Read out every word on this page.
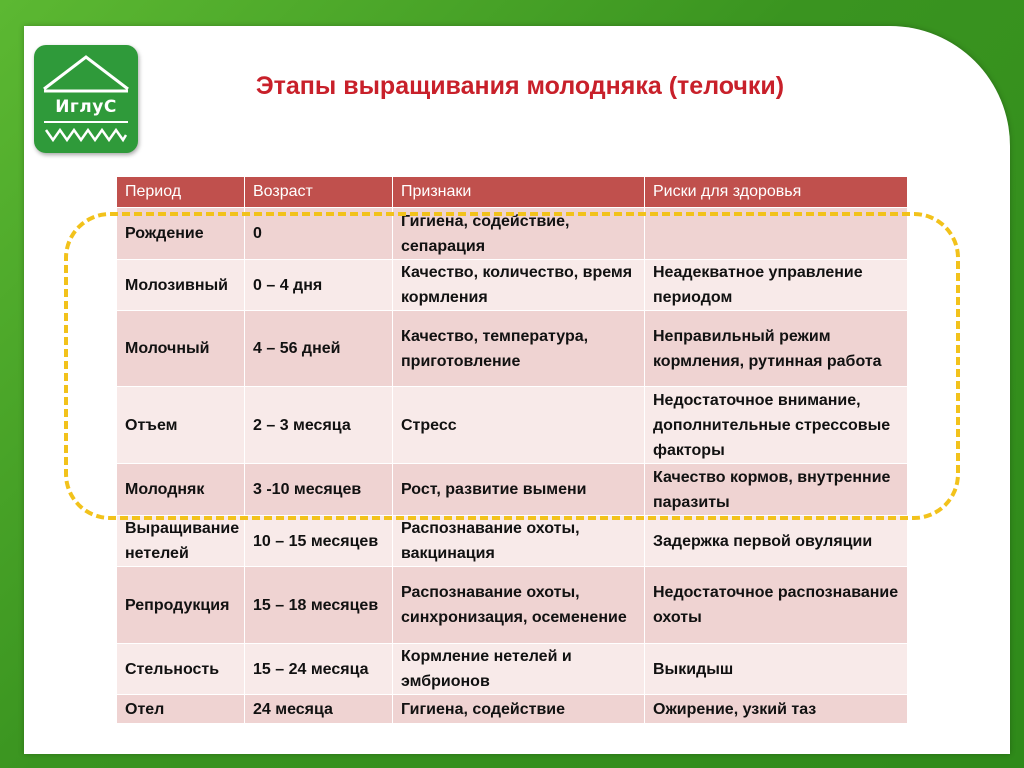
ИглуС
Этапы выращивания молодняка (телочки)
Период	Возраст	Признаки	Риски для здоровья
Рождение	0	Гигиена, содействие, сепарация	
Молозивный	0 – 4 дня	Качество, количество, время кормления	Неадекватное управление периодом
Молочный	4 – 56 дней	Качество, температура, приготовление	Неправильный режим кормления, рутинная работа
Отъем	2 – 3 месяца	Стресс	Недостаточное внимание, дополнительные стрессовые факторы
Молодняк	3 -10 месяцев	Рост, развитие вымени	Качество кормов, внутренние паразиты
Выращивание нетелей	10 – 15 месяцев	Распознавание охоты, вакцинация	Задержка первой овуляции
Репродукция	15 – 18 месяцев	Распознавание охоты, синхронизация, осеменение	Недостаточное распознавание охоты
Стельность	15 – 24 месяца	Кормление нетелей и эмбрионов	Выкидыш
Отел	24 месяца	Гигиена, содействие	Ожирение, узкий таз
